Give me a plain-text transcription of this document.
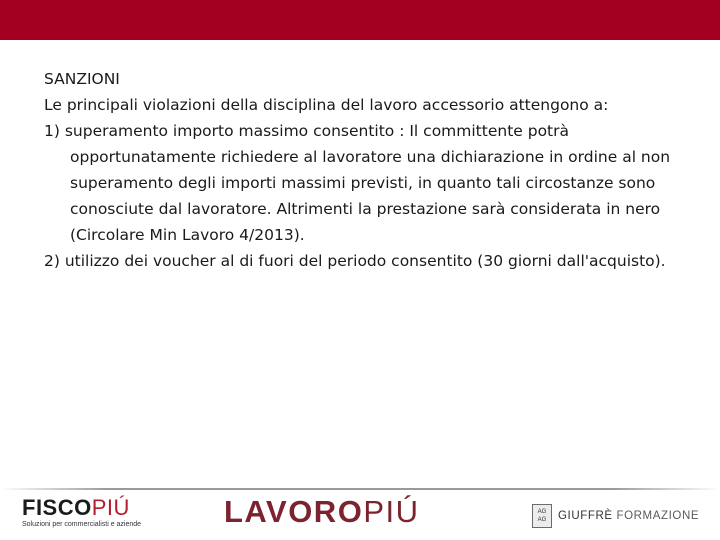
SANZIONI

Le principali violazioni della disciplina del lavoro accessorio attengono a:

1) superamento importo massimo consentito : Il committente potrà opportunatamente richiedere al lavoratore una dichiarazione in ordine al non superamento degli importi massimi previsti, in quanto tali circostanze sono conosciute dal lavoratore. Altrimenti la prestazione sarà considerata in nero (Circolare Min Lavoro 4/2013).

2) utilizzo dei voucher al di fuori del periodo consentito (30 giorni dall'acquisto).

FISCOPIÚ
Soluzioni per commercialisti e aziende	LAVOROPIÚ	AG
AG GIUFFRÈ FORMAZIONE
